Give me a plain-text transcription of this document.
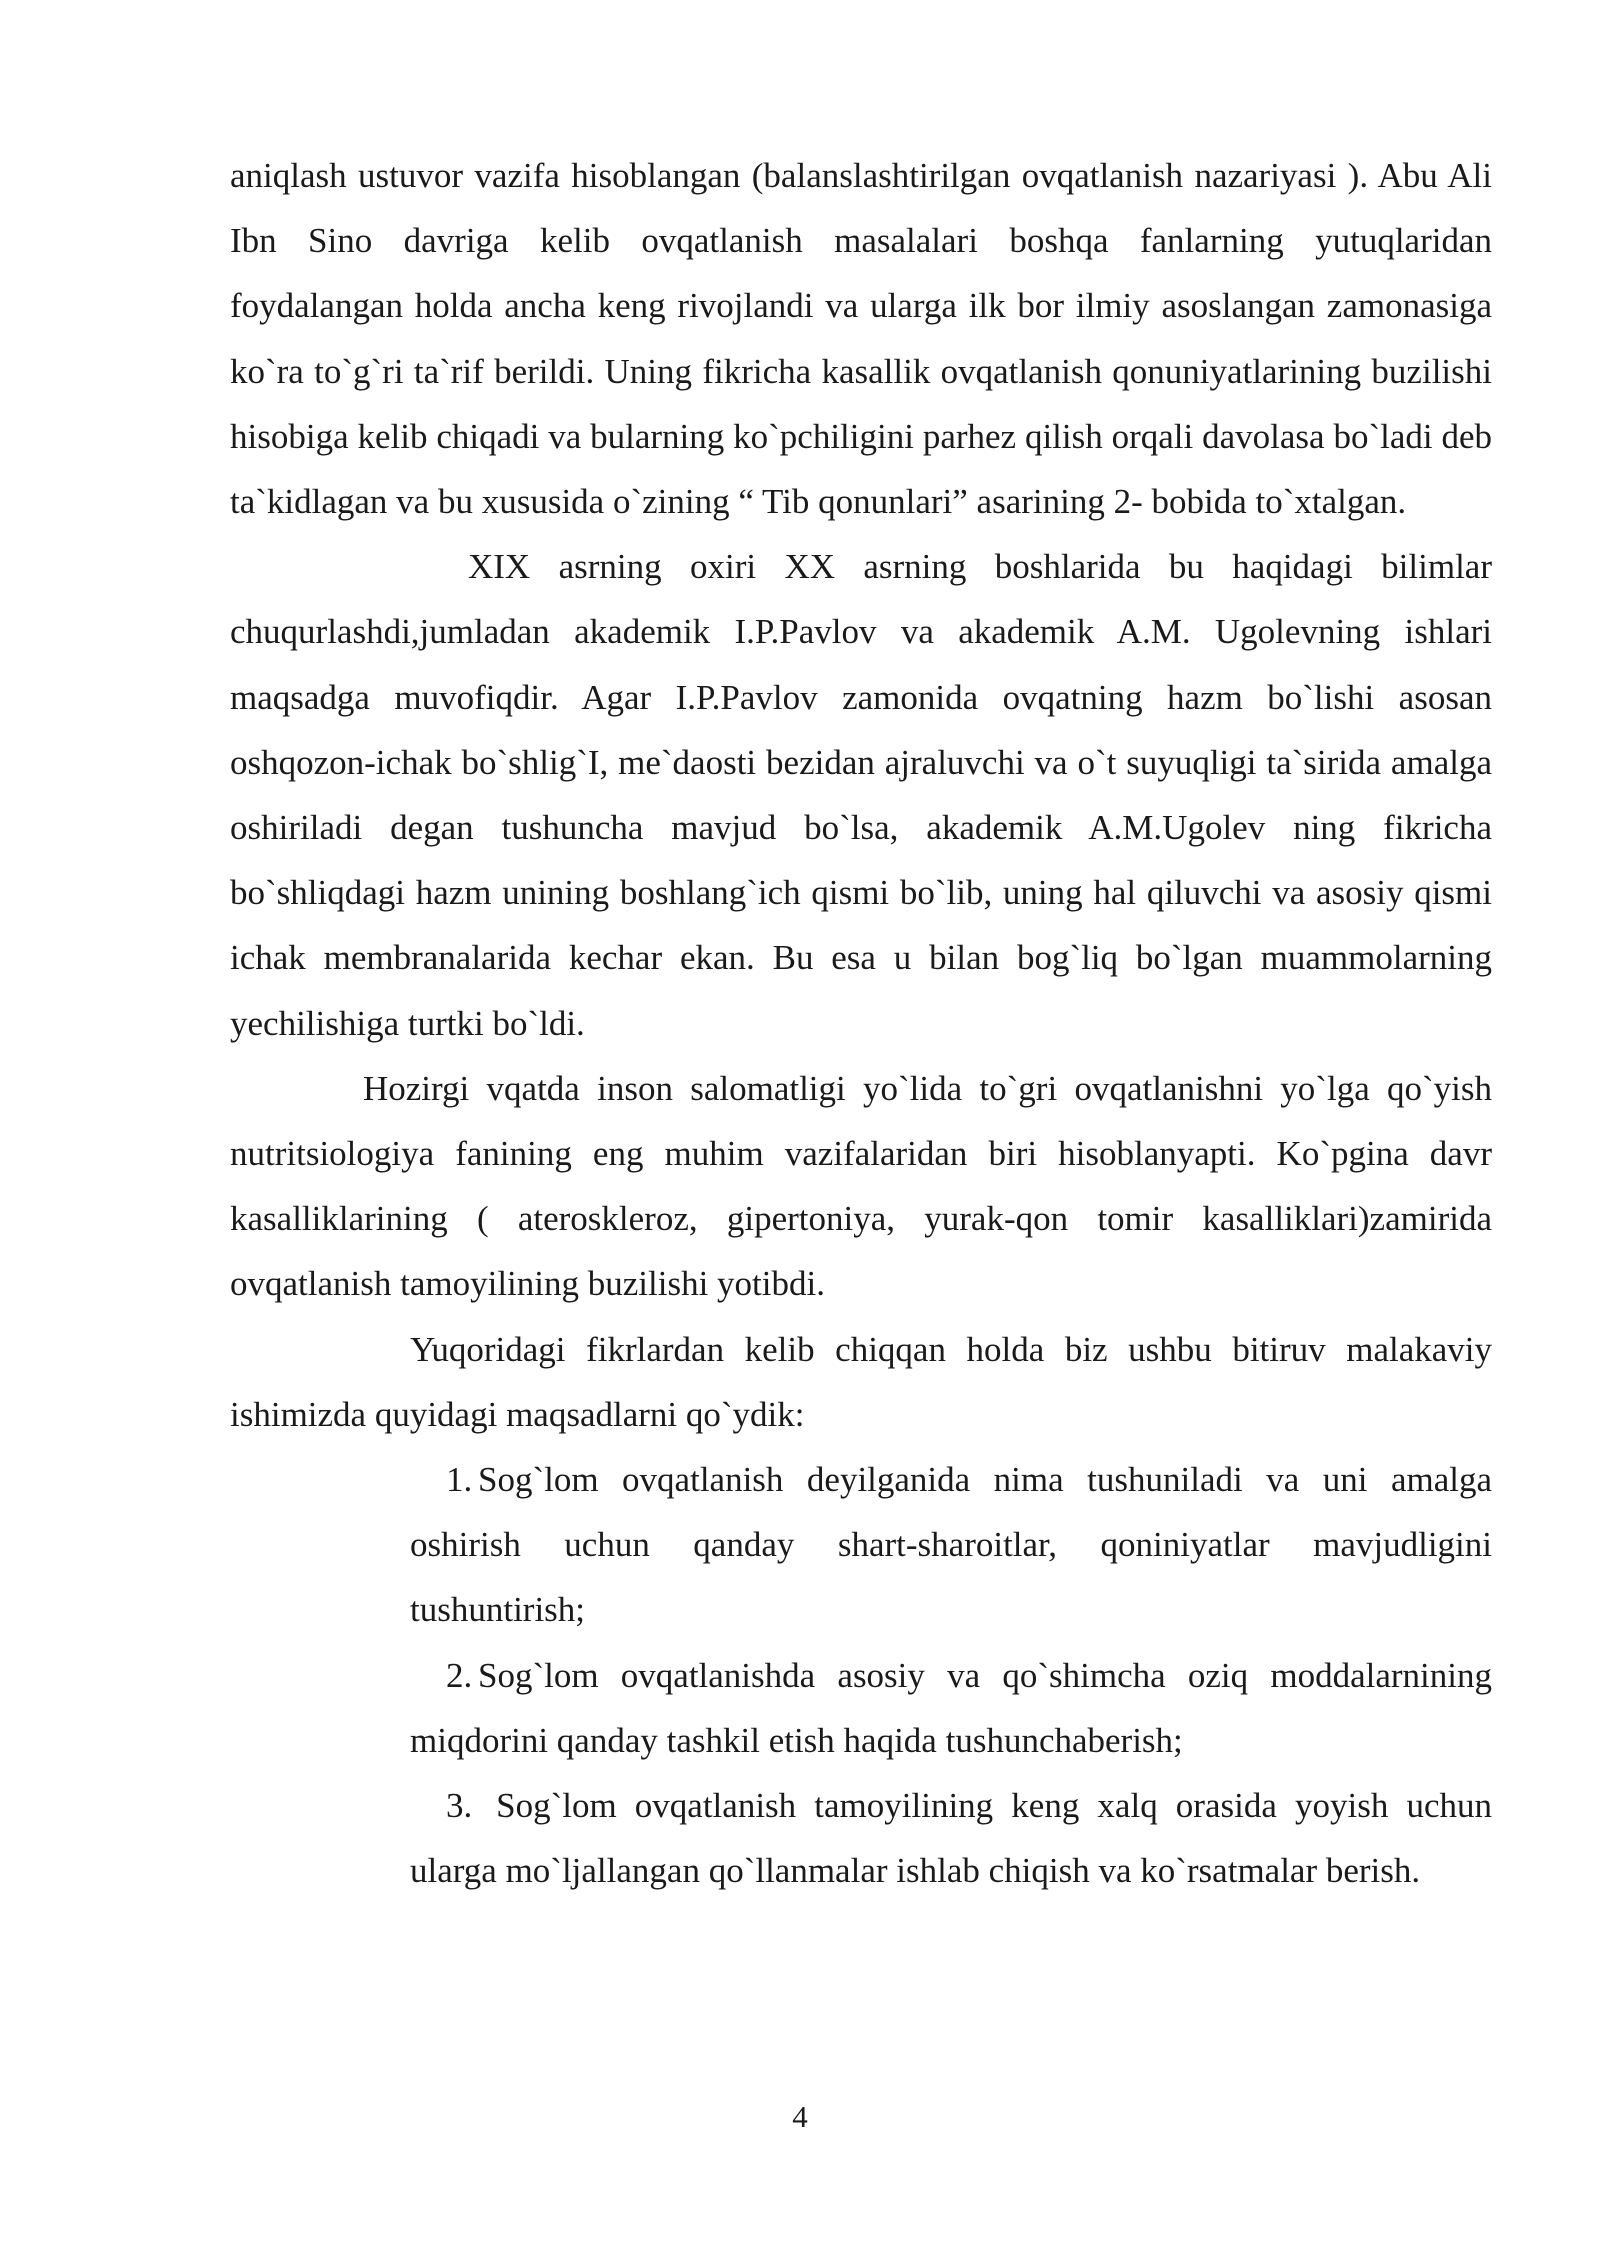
aniqlash ustuvor vazifa hisoblangan (balanslashtirilgan ovqatlanish nazariyasi ). Abu Ali Ibn Sino davriga kelib ovqatlanish masalalari boshqa fanlarning yutuqlaridan foydalangan holda ancha keng rivojlandi va ularga ilk bor ilmiy asoslangan zamonasiga ko`ra to`g`ri ta`rif berildi. Uning fikricha kasallik ovqatlanish qonuniyatlarining buzilishi hisobiga kelib chiqadi va bularning ko`pchiligini parhez qilish orqali davolasa bo`ladi deb ta`kidlagan va bu xususida o`zining “ Tib qonunlari” asarining 2- bobida to`xtalgan.

XIX asrning oxiri XX asrning boshlarida bu haqidagi bilimlar chuqurlashdi,jumladan akademik I.P.Pavlov va akademik A.M. Ugolevning ishlari maqsadga muvofiqdir. Agar I.P.Pavlov zamonida ovqatning hazm bo`lishi asosan oshqozon-ichak bo`shlig`I, me`daosti bezidan ajraluvchi va o`t suyuqligi ta`sirida amalga oshiriladi degan tushuncha mavjud bo`lsa, akademik A.M.Ugolev ning fikricha bo`shliqdagi hazm unining boshlang`ich qismi bo`lib, uning hal qiluvchi va asosiy qismi ichak membranalarida kechar ekan. Bu esa u bilan bog`liq bo`lgan muammolarning yechilishiga turtki bo`ldi.

Hozirgi vqatda inson salomatligi yo`lida to`gri ovqatlanishni yo`lga qo`yish nutritsiologiya fanining eng muhim vazifalaridan biri hisoblanyapti. Ko`pgina davr kasalliklarining ( ateroskleroz, gipertoniya, yurak-qon tomir kasalliklari)zamirida ovqatlanish tamoyilining buzilishi yotibdi.

Yuqoridagi fikrlardan kelib chiqqan holda biz ushbu bitiruv malakaviy ishimizda quyidagi maqsadlarni qo`ydik:

1. Sog`lom ovqatlanish deyilganida nima tushuniladi va uni amalga oshirish uchun qanday shart-sharoitlar, qoniniyatlar mavjudligini tushuntirish;
2. Sog`lom ovqatlanishda asosiy va qo`shimcha oziq moddalarnining miqdorini qanday tashkil etish haqida tushunchaberish;
3. Sog`lom ovqatlanish tamoyilining keng xalq orasida yoyish uchun ularga mo`ljallangan qo`llanmalar ishlab chiqish va ko`rsatmalar berish.
4
